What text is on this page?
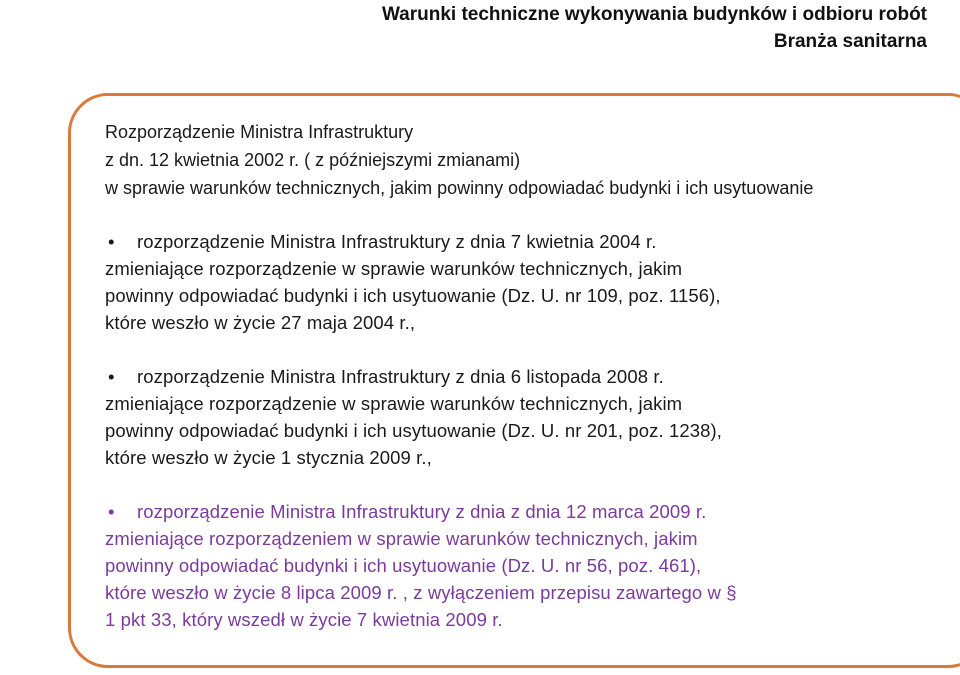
Warunki techniczne wykonywania budynków i odbioru robót
Branża sanitarna

Rozporządzenie Ministra Infrastruktury

z dn. 12 kwietnia 2002 r. ( z późniejszymi zmianami)

w sprawie warunków technicznych, jakim powinny odpowiadać budynki i ich usytuowanie

• rozporządzenie Ministra Infrastruktury z dnia 7 kwietnia 2004 r.
zmieniające rozporządzenie w sprawie warunków technicznych, jakim
powinny odpowiadać budynki i ich usytuowanie (Dz. U. nr 109, poz. 1156),
które weszło w życie 27 maja 2004 r.,
• rozporządzenie Ministra Infrastruktury z dnia 6 listopada 2008 r.
zmieniające rozporządzenie w sprawie warunków technicznych, jakim
powinny odpowiadać budynki i ich usytuowanie (Dz. U. nr 201, poz. 1238),
które weszło w życie 1 stycznia 2009 r.,
• rozporządzenie Ministra Infrastruktury z dnia z dnia 12 marca 2009 r.
zmieniające rozporządzeniem w sprawie warunków technicznych, jakim
powinny odpowiadać budynki i ich usytuowanie (Dz. U. nr 56, poz. 461),
które weszło w życie 8 lipca 2009 r. , z wyłączeniem przepisu zawartego w §
1 pkt 33, który wszedł w życie 7 kwietnia 2009 r.
